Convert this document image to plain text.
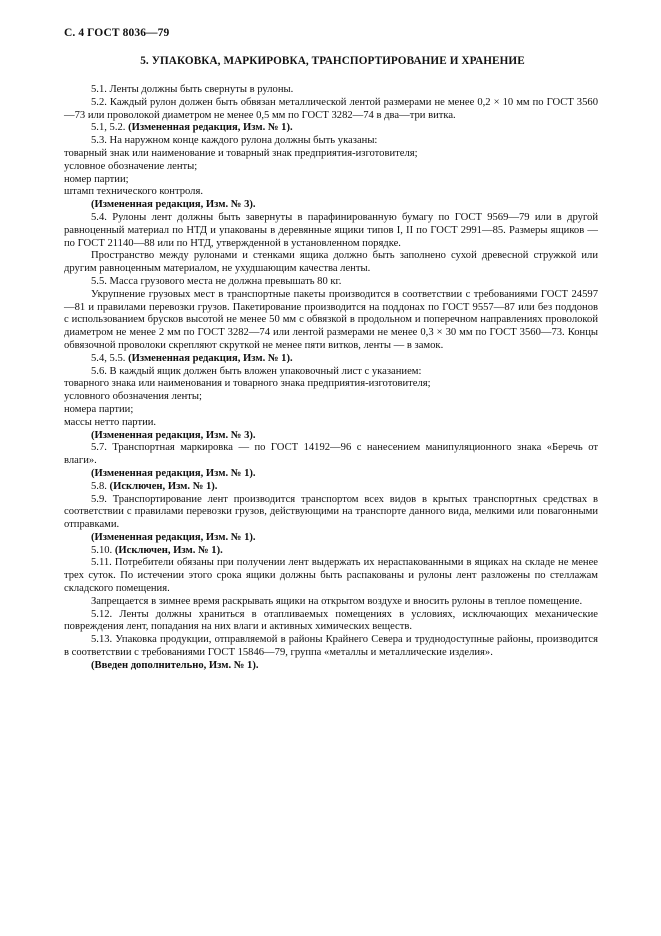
С. 4 ГОСТ 8036—79
5. УПАКОВКА, МАРКИРОВКА, ТРАНСПОРТИРОВАНИЕ И ХРАНЕНИЕ
5.1. Ленты должны быть свернуты в рулоны.
5.2. Каждый рулон должен быть обвязан металлической лентой размерами не менее 0,2 × 10 мм по ГОСТ 3560—73 или проволокой диаметром не менее 0,5 мм по ГОСТ 3282—74 в два—три витка.
5.1, 5.2. (Измененная редакция, Изм. № 1).
5.3. На наружном конце каждого рулона должны быть указаны:
товарный знак или наименование и товарный знак предприятия-изготовителя;
условное обозначение ленты;
номер партии;
штамп технического контроля.
(Измененная редакция, Изм. № 3).
5.4. Рулоны лент должны быть завернуты в парафинированную бумагу по ГОСТ 9569—79 или в другой равноценный материал по НТД и упакованы в деревянные ящики типов I, II по ГОСТ 2991—85. Размеры ящиков — по ГОСТ 21140—88 или по НТД, утвержденной в установленном порядке.
Пространство между рулонами и стенками ящика должно быть заполнено сухой древесной стружкой или другим равноценным материалом, не ухудшающим качества ленты.
5.5. Масса грузового места не должна превышать 80 кг.
Укрупнение грузовых мест в транспортные пакеты производится в соответствии с требованиями ГОСТ 24597—81 и правилами перевозки грузов. Пакетирование производится на поддонах по ГОСТ 9557—87 или без поддонов с использованием брусков высотой не менее 50 мм с обвязкой в продольном и поперечном направлениях проволокой диаметром не менее 2 мм по ГОСТ 3282—74 или лентой размерами не менее 0,3 × 30 мм по ГОСТ 3560—73. Концы обвязочной проволоки скрепляют скруткой не менее пяти витков, ленты — в замок.
5.4, 5.5. (Измененная редакция, Изм. № 1).
5.6. В каждый ящик должен быть вложен упаковочный лист с указанием:
товарного знака или наименования и товарного знака предприятия-изготовителя;
условного обозначения ленты;
номера партии;
массы нетто партии.
(Измененная редакция, Изм. № 3).
5.7. Транспортная маркировка — по ГОСТ 14192—96 с нанесением манипуляционного знака «Беречь от влаги».
(Измененная редакция, Изм. № 1).
5.8. (Исключен, Изм. № 1).
5.9. Транспортирование лент производится транспортом всех видов в крытых транспортных средствах в соответствии с правилами перевозки грузов, действующими на транспорте данного вида, мелкими или повагонными отправками.
(Измененная редакция, Изм. № 1).
5.10. (Исключен, Изм. № 1).
5.11. Потребители обязаны при получении лент выдержать их нераспакованными в ящиках на складе не менее трех суток. По истечении этого срока ящики должны быть распакованы и рулоны лент разложены по стеллажам складского помещения.
Запрещается в зимнее время раскрывать ящики на открытом воздухе и вносить рулоны в теплое помещение.
5.12. Ленты должны храниться в отапливаемых помещениях в условиях, исключающих механические повреждения лент, попадания на них влаги и активных химических веществ.
5.13. Упаковка продукции, отправляемой в районы Крайнего Севера и труднодоступные районы, производится в соответствии с требованиями ГОСТ 15846—79, группа «металлы и металлические изделия».
(Введен дополнительно, Изм. № 1).
